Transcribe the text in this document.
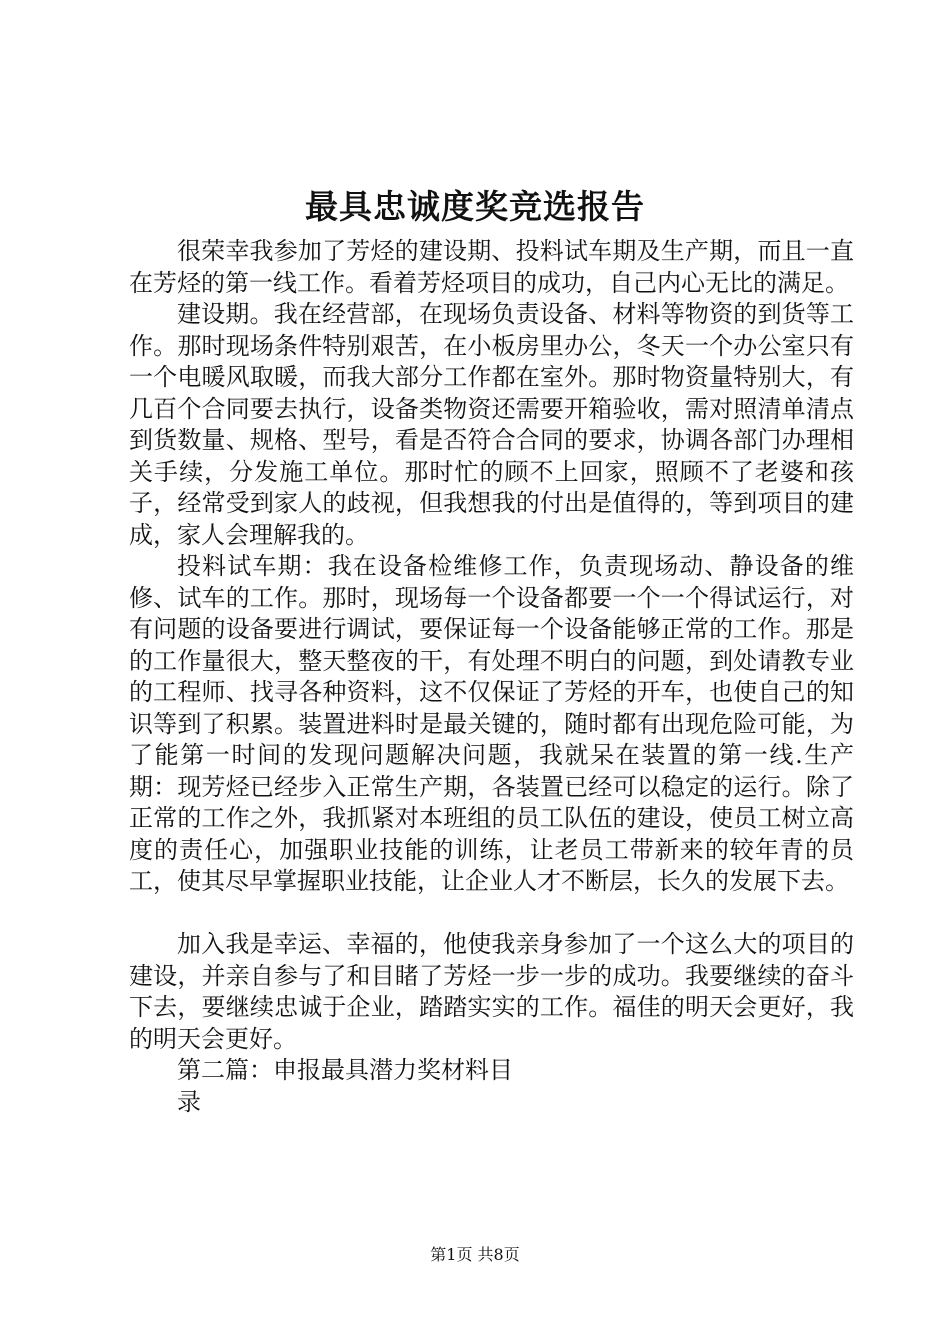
最具忠诚度奖竞选报告

很荣幸我参加了芳烃的建设期、投料试车期及生产期，而且一直在芳烃的第一线工作。看着芳烃项目的成功，自己内心无比的满足。

建设期。我在经营部，在现场负责设备、材料等物资的到货等工作。那时现场条件特别艰苦，在小板房里办公，冬天一个办公室只有一个电暖风取暖，而我大部分工作都在室外。那时物资量特别大，有几百个合同要去执行，设备类物资还需要开箱验收，需对照清单清点到货数量、规格、型号，看是否符合合同的要求，协调各部门办理相关手续，分发施工单位。那时忙的顾不上回家，照顾不了老婆和孩子，经常受到家人的歧视，但我想我的付出是值得的，等到项目的建成，家人会理解我的。

投料试车期：我在设备检维修工作，负责现场动、静设备的维修、试车的工作。那时，现场每一个设备都要一个一个得试运行，对有问题的设备要进行调试，要保证每一个设备能够正常的工作。那是的工作量很大，整天整夜的干，有处理不明白的问题，到处请教专业的工程师、找寻各种资料，这不仅保证了芳烃的开车，也使自己的知识等到了积累。装置进料时是最关键的，随时都有出现危险可能，为了能第一时间的发现问题解决问题，我就呆在装置的第一线.生产期：现芳烃已经步入正常生产期，各装置已经可以稳定的运行。除了正常的工作之外，我抓紧对本班组的员工队伍的建设，使员工树立高度的责任心，加强职业技能的训练，让老员工带新来的较年青的员工，使其尽早掌握职业技能，让企业人才不断层，长久的发展下去。

加入我是幸运、幸福的，他使我亲身参加了一个这么大的项目的建设，并亲自参与了和目睹了芳烃一步一步的成功。我要继续的奋斗下去，要继续忠诚于企业，踏踏实实的工作。福佳的明天会更好，我的明天会更好。

第二篇：申报最具潜力奖材料目

录

第1页 共8页
